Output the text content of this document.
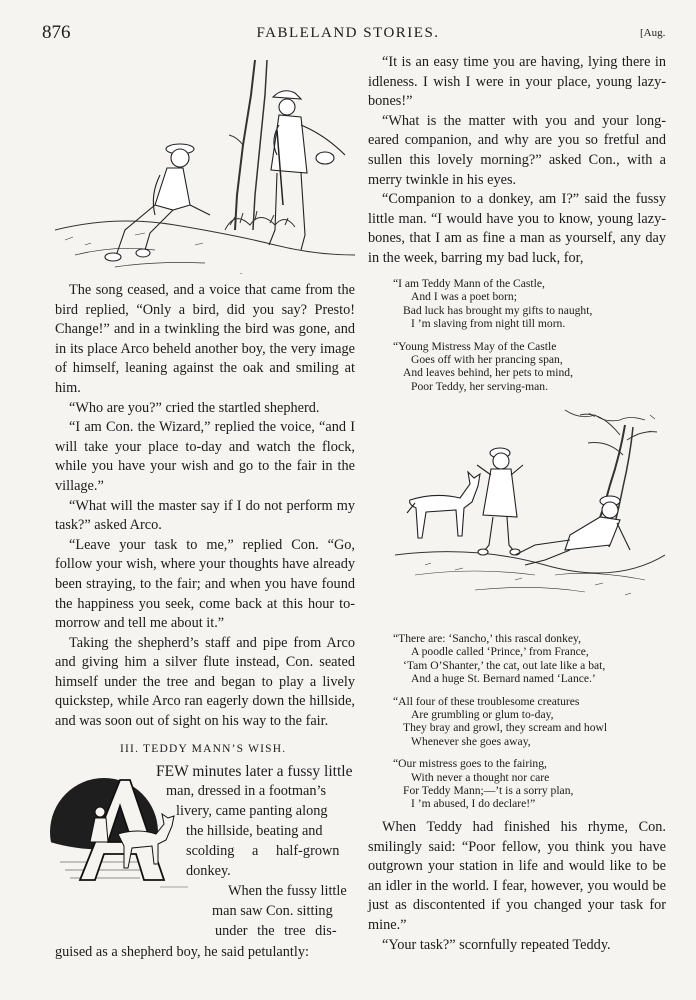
876	FABLELAND STORIES.	[Aug.
-

The song ceased, and a voice that came from the bird replied, “Only a bird, did you say? Presto! Change!” and in a twinkling the bird was gone, and in its place Arco beheld another boy, the very image of himself, leaning against the oak and smiling at him.

“Who are you?” cried the startled shepherd.

“I am Con. the Wizard,” replied the voice, “and I will take your place to-day and watch the flock, while you have your wish and go to the fair in the village.”

“What will the master say if I do not perform my task?” asked Arco.

“Leave your task to me,” replied Con. “Go, follow your wish, where your thoughts have already been straying, to the fair; and when you have found the happiness you seek, come back at this hour to-morrow and tell me about it.”

Taking the shepherd’s staff and pipe from Arco and giving him a silver flute instead, Con. seated himself under the tree and began to play a lively quickstep, while Arco ran eagerly down the hillside, and was soon out of sight on his way to the fair.

III. TEDDY MANN’S WISH.
FEW minutes later a fussy little
man, dressed in a footman’s
livery, came panting along
the hillside, beating and
scolding a half-grown
donkey.
When the fussy little
man saw Con. sitting
under the tree dis-
guised as a shepherd boy, he said petulantly:

“It is an easy time you are having, lying there in idleness. I wish I were in your place, young lazy-bones!”

“What is the matter with you and your long-eared companion, and why are you so fretful and sullen this lovely morning?” asked Con., with a merry twinkle in his eyes.

“Companion to a donkey, am I?” said the fussy little man. “I would have you to know, young lazy-bones, that I am as fine a man as yourself, any day in the week, barring my bad luck, for,

“I am Teddy Mann of the Castle,
And I was a poet born;
Bad luck has brought my gifts to naught,
I ’m slaving from night till morn.
“Young Mistress May of the Castle
Goes off with her prancing span,
And leaves behind, her pets to mind,
Poor Teddy, her serving-man.
“There are: ‘Sancho,’ this rascal donkey,
A poodle called ‘Prince,’ from France,
‘Tam O’Shanter,’ the cat, out late like a bat,
And a huge St. Bernard named ‘Lance.’
“All four of these troublesome creatures
Are grumbling or glum to-day,
They bray and growl, they scream and howl
Whenever she goes away,
“Our mistress goes to the fairing,
With never a thought nor care
For Teddy Mann;—’t is a sorry plan,
I ’m abused, I do declare!”

When Teddy had finished his rhyme, Con. smilingly said: “Poor fellow, you think you have outgrown your station in life and would like to be an idler in the world. I fear, however, you would be just as discontented if you changed your task for mine.”

“Your task?” scornfully repeated Teddy.
